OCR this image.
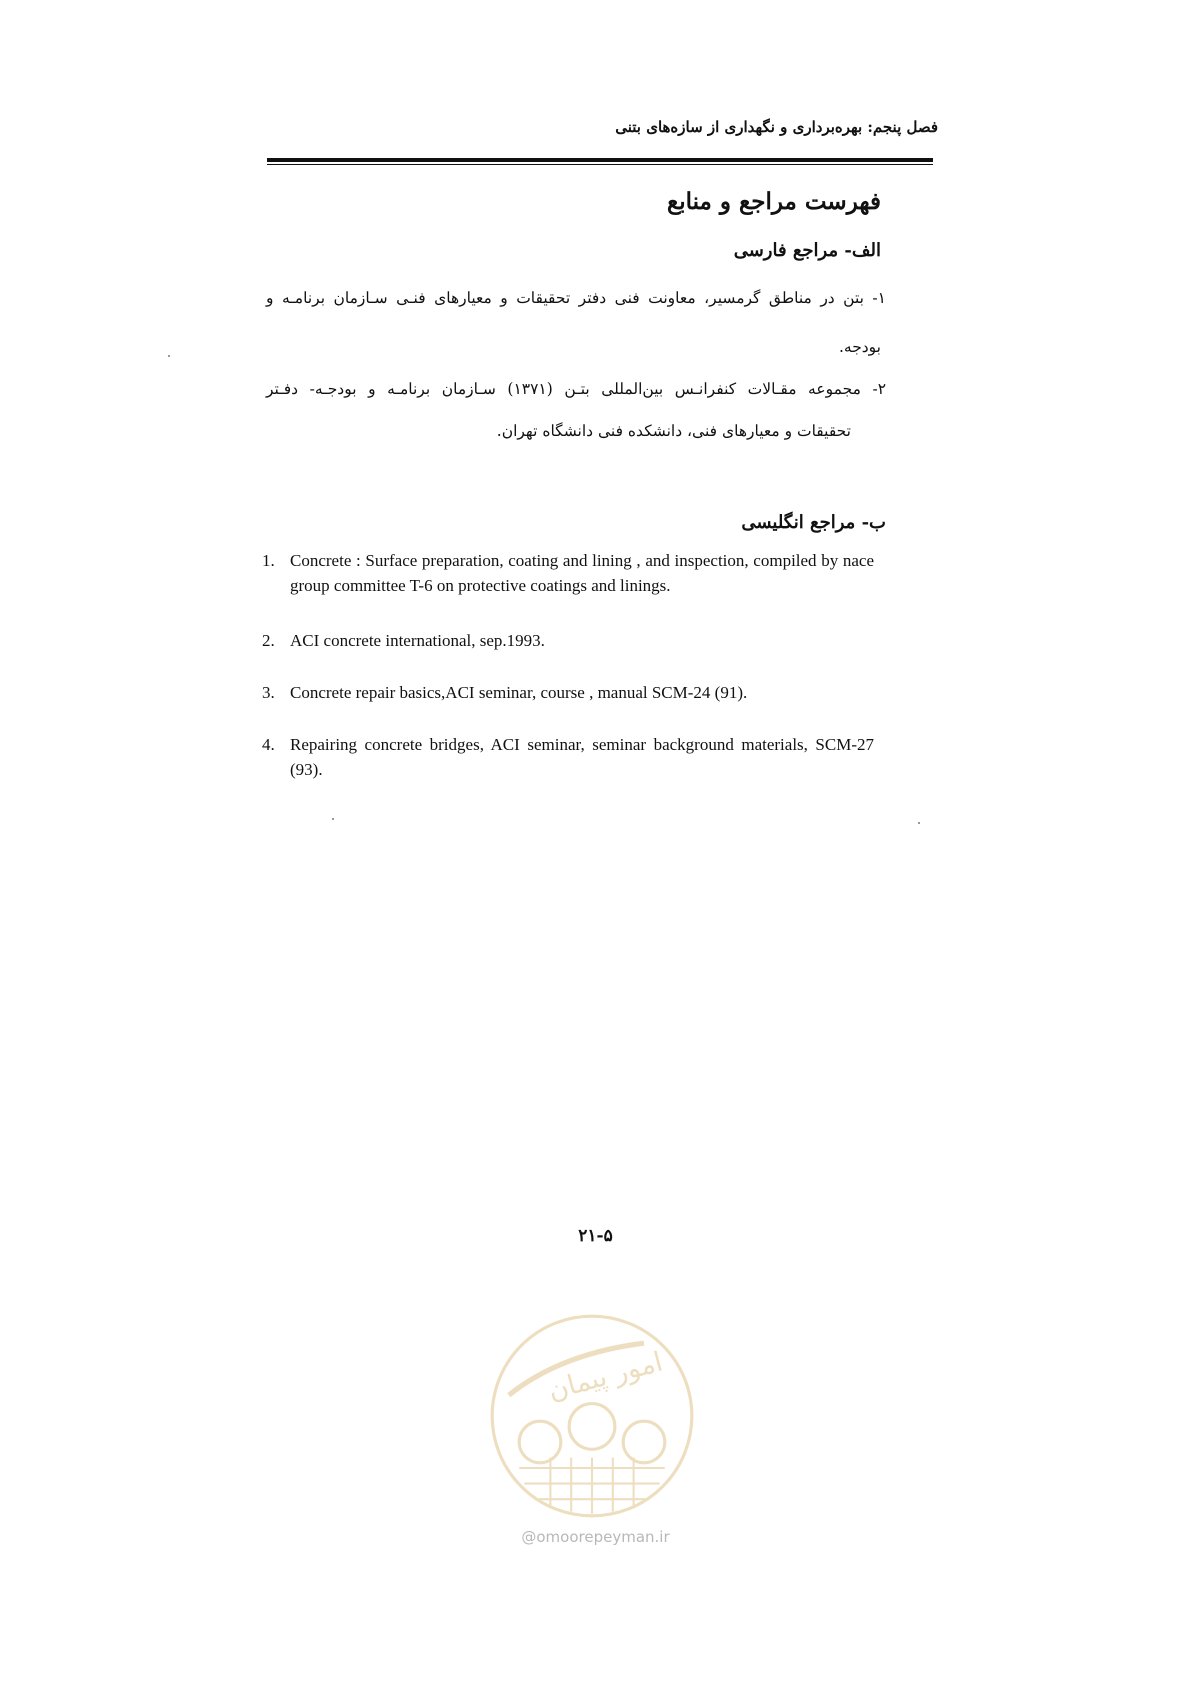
فصل پنجم: بهره‌برداری و نگهداری از سازه‌های بتنی
فهرست مراجع و منابع
الف- مراجع فارسی
۱- بتن در مناطق گرمسیر، معاونت فنی دفتر تحقیقات و معیارهای فنـی سـازمان برنامـه و
بودجه.
۲- مجموعه مقـالات کنفرانـس بین‌المللی بتـن (۱۳۷۱) سـازمان برنامـه و بودجـه- دفـتر
تحقیقات و معیارهای فنی، دانشکده فنی دانشگاه تهران.
ب- مراجع انگلیسی
1. Concrete : Surface preparation, coating and lining , and inspection, compiled by nace group committee T-6 on protective coatings and linings.
2. ACI concrete international, sep.1993.
3. Concrete repair basics,ACI seminar, course , manual SCM-24 (91).
4. Repairing concrete bridges, ACI seminar, seminar background materials, SCM-27 (93).
۲۱-۵
امور پیمان
@omoorepeyman.ir
